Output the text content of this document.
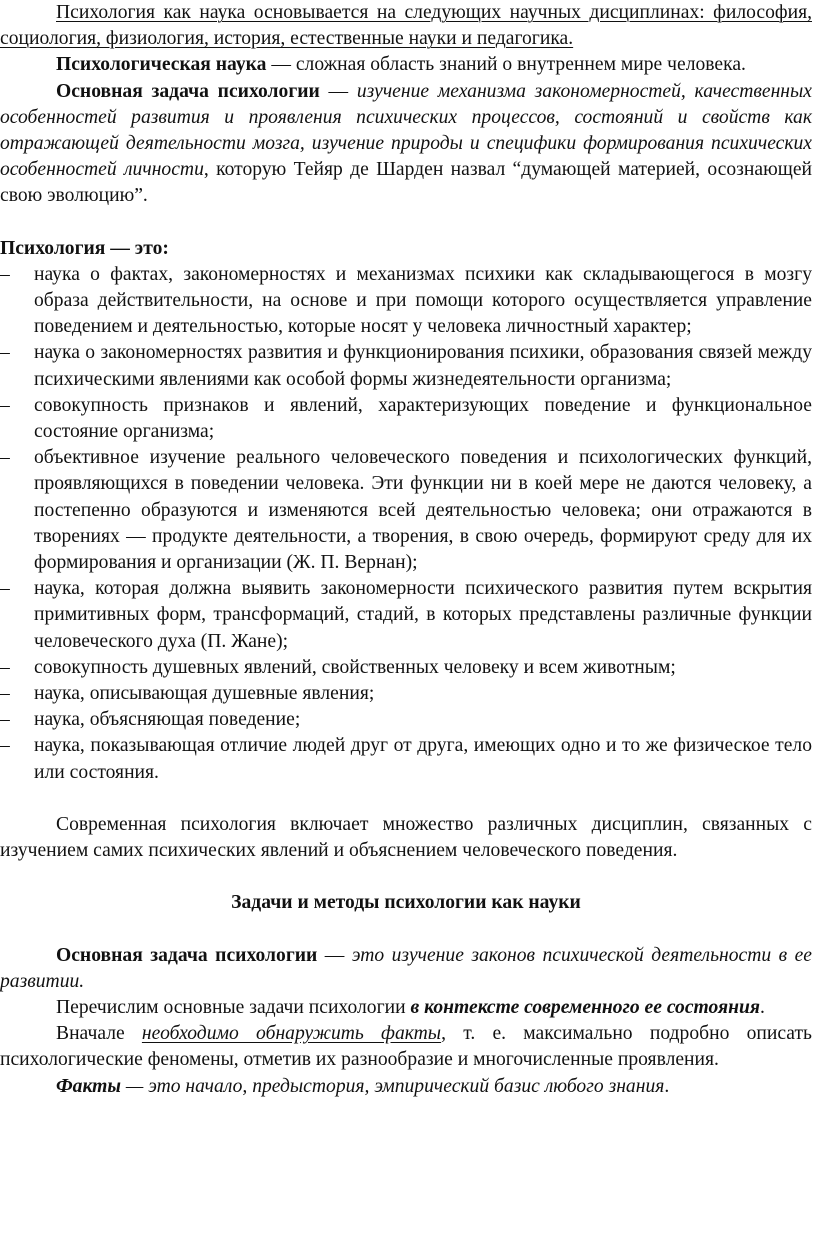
Психология как наука основывается на следующих научных дисциплинах: философия, социология, физиология, история, естественные науки и педагогика.

Психологическая наука — сложная область знаний о внутреннем мире человека.

Основная задача психологии — изучение механизма закономерностей, качественных особенностей развития и проявления психических процессов, состояний и свойств как отражающей деятельности мозга, изучение природы и специфики формирования психических особенностей личности, которую Тейяр де Шарден назвал “думающей материей, осознающей свою эволюцию”.

Психология — это:

– наука о фактах, закономерностях и механизмах психики как складывающегося в мозгу образа действительности, на основе и при помощи которого осуществляется управление поведением и деятельностью, которые носят у человека личностный характер;
– наука о закономерностях развития и функционирования психики, образования связей между психическими явлениями как особой формы жизнедеятельности организма;
– совокупность признаков и явлений, характеризующих поведение и функциональное состояние организма;
– объективное изучение реального человеческого поведения и психологических функций, проявляющихся в поведении человека. Эти функции ни в коей мере не даются человеку, а постепенно образуются и изменяются всей деятельностью человека; они отражаются в творениях — продукте деятельности, а творения, в свою очередь, формируют среду для их формирования и организации (Ж. П. Вернан);
– наука, которая должна выявить закономерности психического развития путем вскрытия примитивных форм, трансформаций, стадий, в которых представлены различные функции человеческого духа (П. Жане);
– совокупность душевных явлений, свойственных человеку и всем животным;
– наука, описывающая душевные явления;
– наука, объясняющая поведение;
– наука, показывающая отличие людей друг от друга, имеющих одно и то же физическое тело или состояния.

Современная психология включает множество различных дисциплин, связанных с изучением самих психических явлений и объяснением человеческого поведения.

Задачи и методы психологии как науки

Основная задача психологии — это изучение законов психической деятельности в ее развитии.

Перечислим основные задачи психологии в контексте современного ее состояния.

Вначале необходимо обнаружить факты, т. е. максимально подробно описать психологические феномены, отметив их разнообразие и многочисленные проявления.

Факты — это начало, предыстория, эмпирический базис любого знания.
